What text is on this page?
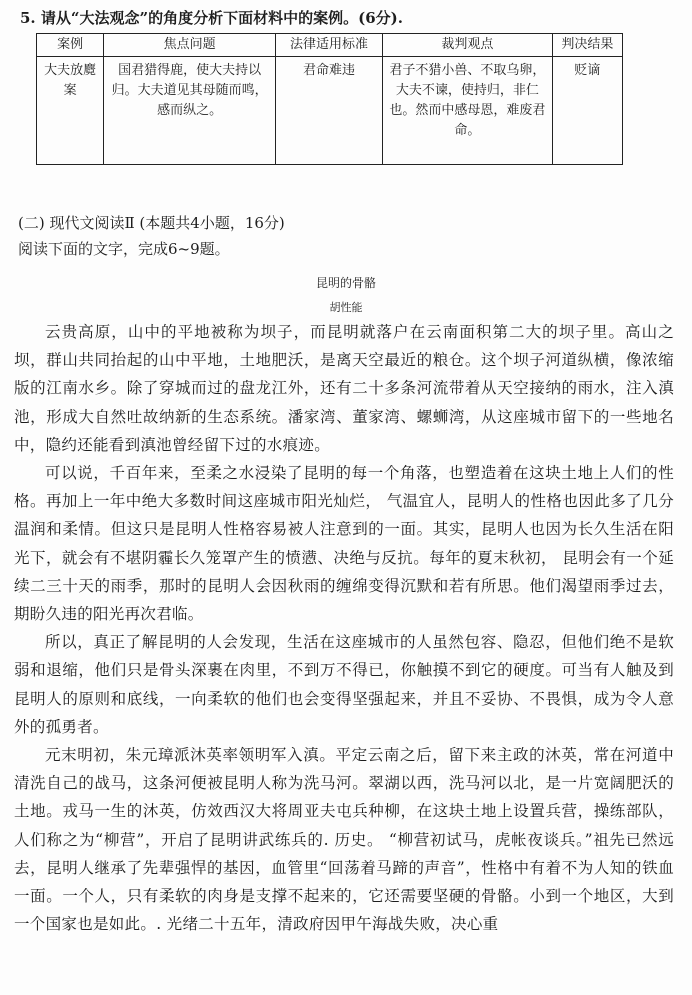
5. 请从“大法观念”的角度分析下面材料中的案例。(6分).
案例	焦点问题	法律适用标准	裁判观点	判决结果
大夫放麑案	国君猎得鹿，使大夫持以归。大夫道见其母随而鸣，感而纵之。	君命难违	君子不猎小兽、不取乌卵，大夫不谏，使持归，非仁也。然而中感母恩，难废君命。	贬谪
(二) 现代文阅读Ⅱ (本题共4小题，16分)
阅读下面的文字，完成6~9题。
昆明的骨骼
胡性能

云贵高原，山中的平地被称为坝子，而昆明就落户在云南面积第二大的坝子里。高山之坝，群山共同抬起的山中平地，土地肥沃，是离天空最近的粮仓。这个坝子河道纵横，像浓缩版的江南水乡。除了穿城而过的盘龙江外，还有二十多条河流带着从天空接纳的雨水，注入滇池，形成大自然吐故纳新的生态系统。潘家湾、董家湾、螺蛳湾，从这座城市留下的一些地名中，隐约还能看到滇池曾经留下过的水痕迹。

可以说，千百年来，至柔之水浸染了昆明的每一个角落，也塑造着在这块土地上人们的性格。再加上一年中绝大多数时间这座城市阳光灿烂， 气温宜人，昆明人的性格也因此多了几分温润和柔情。但这只是昆明人性格容易被人注意到的一面。其实，昆明人也因为长久生活在阳光下，就会有不堪阴霾长久笼罩产生的愤懑、决绝与反抗。每年的夏末秋初， 昆明会有一个延续二三十天的雨季，那时的昆明人会因秋雨的缠绵变得沉默和若有所思。他们渴望雨季过去，期盼久违的阳光再次君临。

所以，真正了解昆明的人会发现，生活在这座城市的人虽然包容、隐忍，但他们绝不是软弱和退缩，他们只是骨头深裹在肉里，不到万不得已，你触摸不到它的硬度。可当有人触及到昆明人的原则和底线，一向柔软的他们也会变得坚强起来，并且不妥协、不畏惧，成为令人意外的孤勇者。

元末明初，朱元璋派沐英率领明军入滇。平定云南之后，留下来主政的沐英，常在河道中清洗自己的战马，这条河便被昆明人称为洗马河。翠湖以西，洗马河以北，是一片宽阔肥沃的土地。戎马一生的沐英，仿效西汉大将周亚夫屯兵种柳，在这块土地上设置兵营，操练部队，人们称之为“柳营”，开启了昆明讲武练兵的. 历史。 “柳营初试马，虎帐夜谈兵。”祖先已然远去，昆明人继承了先辈强悍的基因，血管里“回荡着马蹄的声音”，性格中有着不为人知的铁血一面。一个人，只有柔软的肉身是支撑不起来的，它还需要坚硬的骨骼。小到一个地区，大到一个国家也是如此。. 光绪二十五年，清政府因甲午海战失败，决心重
